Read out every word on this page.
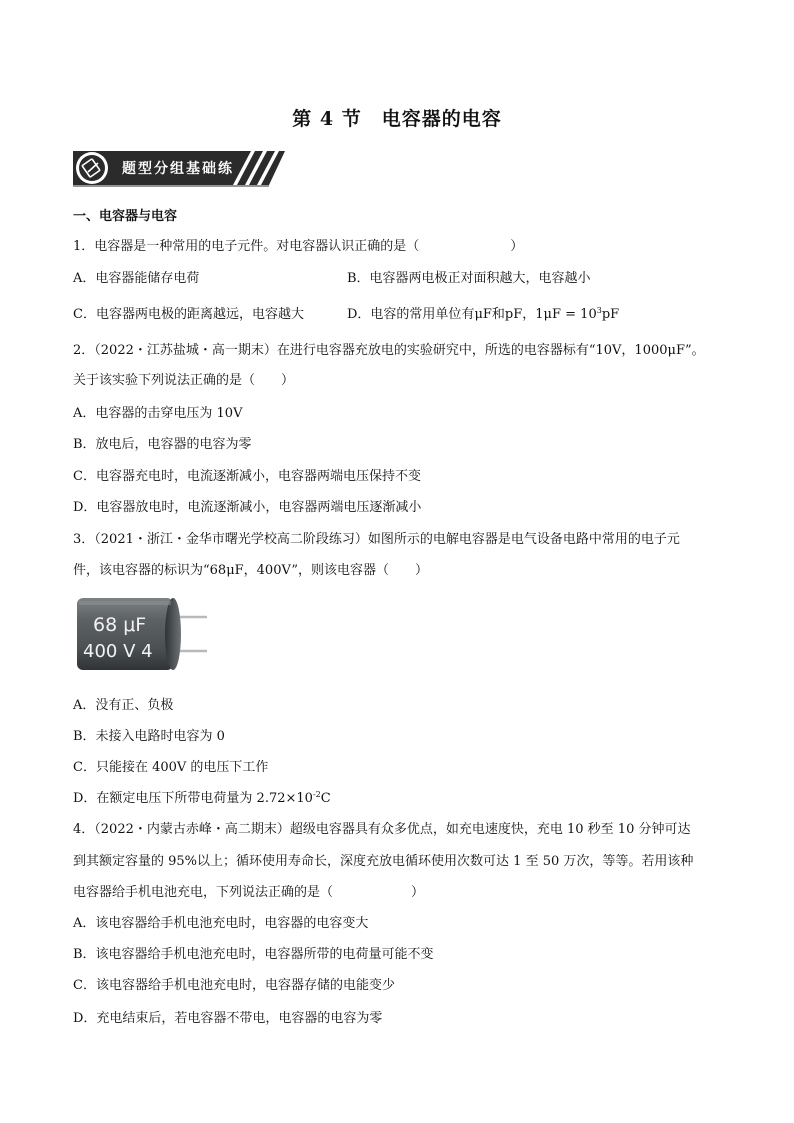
第 4 节　电容器的电容
题型分组基础练
一、电容器与电容
1．电容器是一种常用的电子元件。对电容器认识正确的是（　　　　　　　）
A．电容器能储存电荷	B．电容器两电极正对面积越大，电容越小
C．电容器两电极的距离越远，电容越大	D．电容的常用单位有μF和pF，$1\mu F = 10^3pF$
2．（2022・江苏盐城・高一期末）在进行电容器充放电的实验研究中，所选的电容器标有“10V，1000μF”。
关于该实验下列说法正确的是（　　）
A．电容器的击穿电压为 10V
B．放电后，电容器的电容为零
C．电容器充电时，电流逐渐减小，电容器两端电压保持不变
D．电容器放电时，电流逐渐减小，电容器两端电压逐渐减小
3．（2021・浙江・金华市曙光学校高二阶段练习）如图所示的电解电容器是电气设备电路中常用的电子元
件，该电容器的标识为“68μF，400V”，则该电容器（　　）
68 μF
400 V 4
A．没有正、负极
B．未接入电路时电容为 0
C．只能接在 400V 的电压下工作
D．在额定电压下所带电荷量为 $2.72\times 10^{-2}C$
4．（2022・内蒙古赤峰・高二期末）超级电容器具有众多优点，如充电速度快，充电 10 秒至 10 分钟可达
到其额定容量的 95%以上；循环使用寿命长，深度充放电循环使用次数可达 1 至 50 万次，等等。若用该种
电容器给手机电池充电，下列说法正确的是（　　　　　　）
A．该电容器给手机电池充电时，电容器的电容变大
B．该电容器给手机电池充电时，电容器所带的电荷量可能不变
C．该电容器给手机电池充电时，电容器存储的电能变少
D．充电结束后，若电容器不带电，电容器的电容为零
